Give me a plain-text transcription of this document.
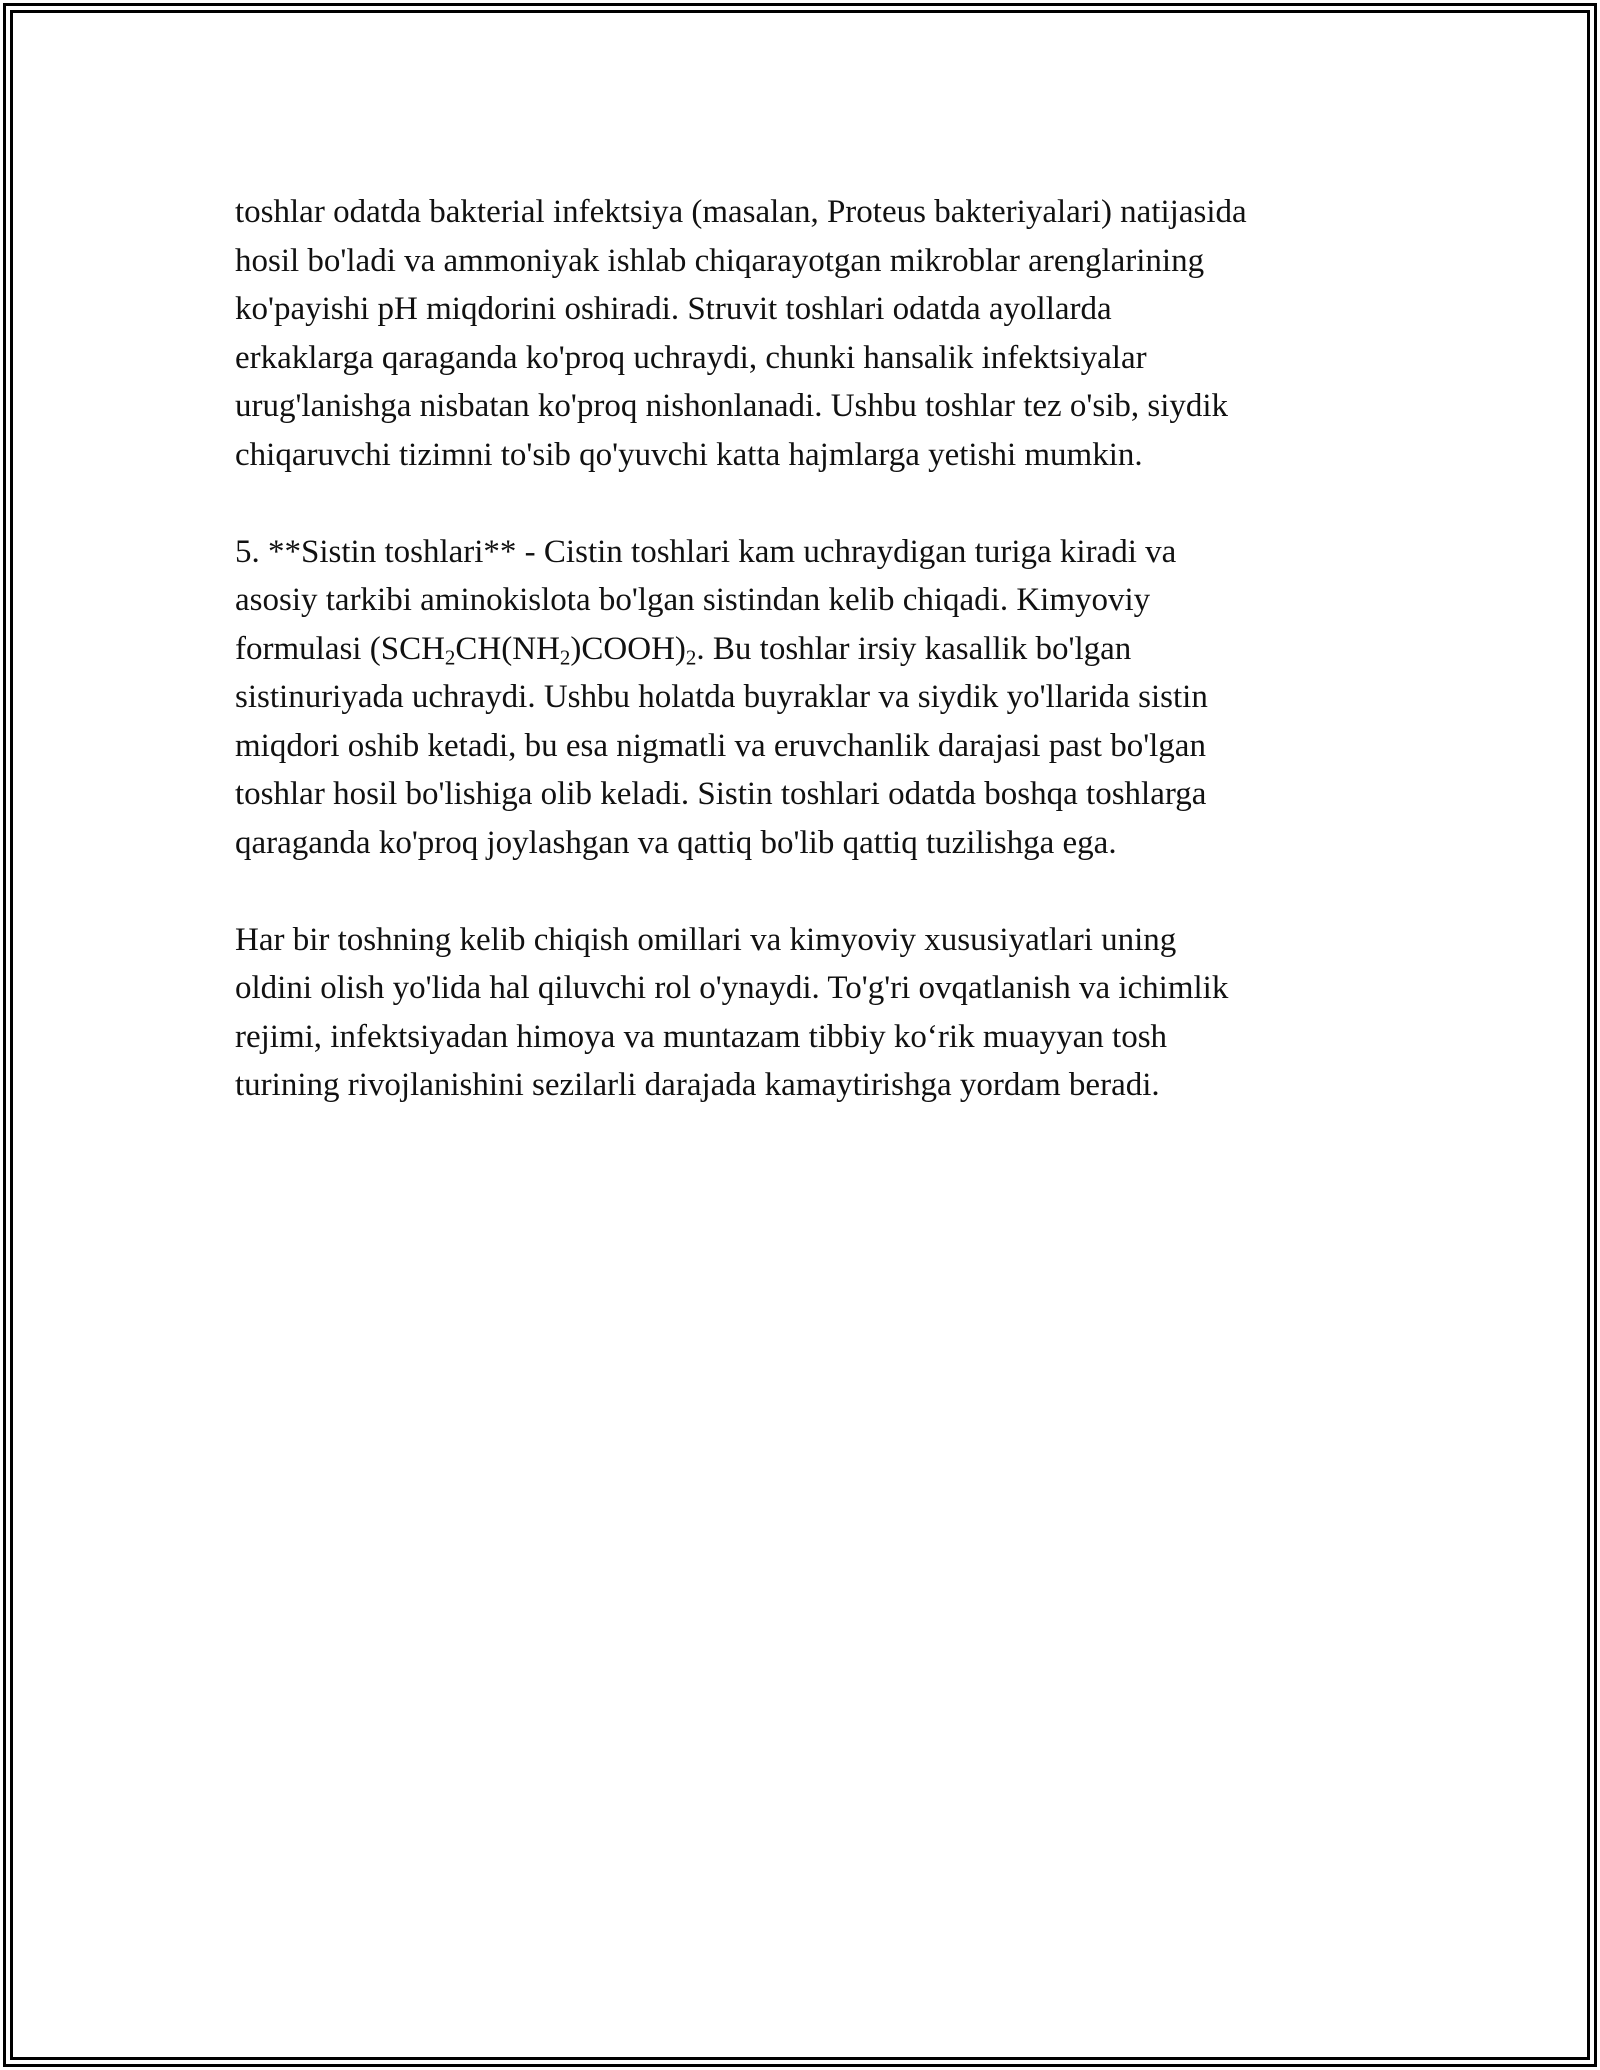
toshlar odatda bakterial infektsiya (masalan, Proteus bakteriyalari) natijasida
hosil bo'ladi va ammoniyak ishlab chiqarayotgan mikroblar arenglarining
ko'payishi pH miqdorini oshiradi. Struvit toshlari odatda ayollarda
erkaklarga qaraganda ko'proq uchraydi, chunki hansalik infektsiyalar
urug'lanishga nisbatan ko'proq nishonlanadi. Ushbu toshlar tez o'sib, siydik
chiqaruvchi tizimni to'sib qo'yuvchi katta hajmlarga yetishi mumkin.

5. **Sistin toshlari** - Cistin toshlari kam uchraydigan turiga kiradi va
asosiy tarkibi aminokislota bo'lgan sistindan kelib chiqadi. Kimyoviy
formulasi $(SCH_2CH(NH_2)COOH)_2$. Bu toshlar irsiy kasallik bo'lgan
sistinuriyada uchraydi. Ushbu holatda buyraklar va siydik yo'llarida sistin
miqdori oshib ketadi, bu esa nigmatli va eruvchanlik darajasi past bo'lgan
toshlar hosil bo'lishiga olib keladi. Sistin toshlari odatda boshqa toshlarga
qaraganda ko'proq joylashgan va qattiq bo'lib qattiq tuzilishga ega.

Har bir toshning kelib chiqish omillari va kimyoviy xususiyatlari uning
oldini olish yo'lida hal qiluvchi rol o'ynaydi. To'g'ri ovqatlanish va ichimlik
rejimi, infektsiyadan himoya va muntazam tibbiy ko‘rik muayyan tosh
turining rivojlanishini sezilarli darajada kamaytirishga yordam beradi.
